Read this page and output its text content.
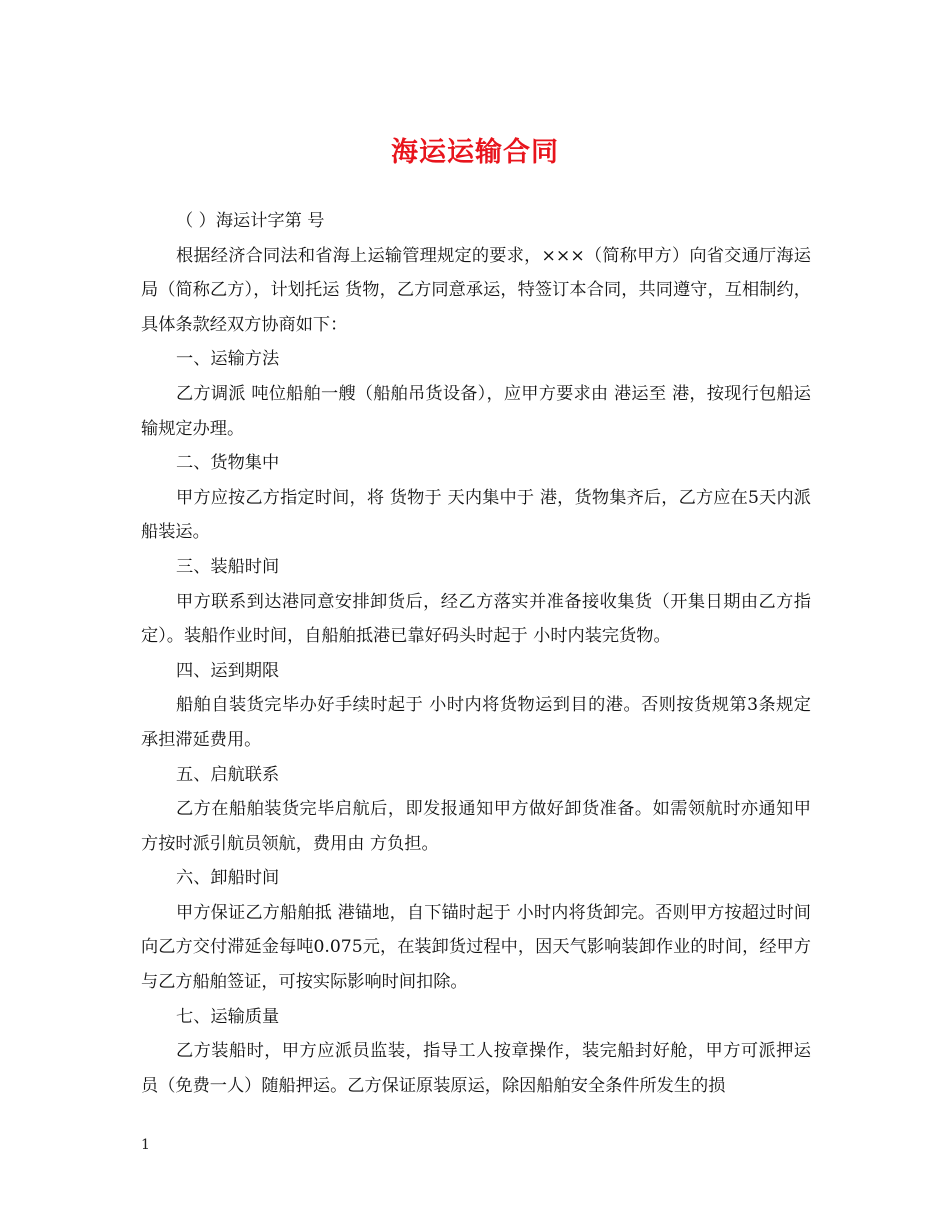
海运运输合同

（ ）海运计字第 号

根据经济合同法和省海上运输管理规定的要求，×××（简称甲方）向省交通厅海运局（简称乙方），计划托运 货物，乙方同意承运，特签订本合同，共同遵守，互相制约，具体条款经双方协商如下：

一、运输方法

乙方调派 吨位船舶一艘（船舶吊货设备），应甲方要求由 港运至 港，按现行包船运输规定办理。

二、货物集中

甲方应按乙方指定时间，将 货物于 天内集中于 港，货物集齐后，乙方应在5天内派船装运。

三、装船时间

甲方联系到达港同意安排卸货后，经乙方落实并准备接收集货（开集日期由乙方指定）。装船作业时间，自船舶抵港已靠好码头时起于 小时内装完货物。

四、运到期限

船舶自装货完毕办好手续时起于 小时内将货物运到目的港。否则按货规第3条规定承担滞延费用。

五、启航联系

乙方在船舶装货完毕启航后，即发报通知甲方做好卸货准备。如需领航时亦通知甲方按时派引航员领航，费用由 方负担。

六、卸船时间

甲方保证乙方船舶抵 港锚地，自下锚时起于 小时内将货卸完。否则甲方按超过时间向乙方交付滞延金每吨0.075元，在装卸货过程中，因天气影响装卸作业的时间，经甲方与乙方船舶签证，可按实际影响时间扣除。

七、运输质量

乙方装船时，甲方应派员监装，指导工人按章操作，装完船封好舱，甲方可派押运员（免费一人）随船押运。乙方保证原装原运，除因船舶安全条件所发生的损

1
